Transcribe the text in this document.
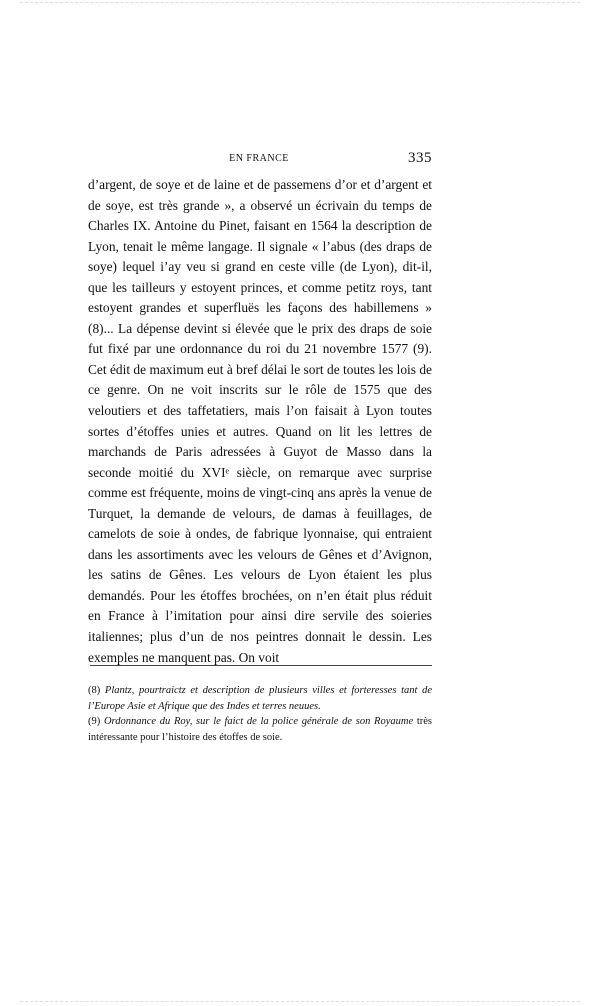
EN FRANCE	335

d’argent, de soye et de laine et de passemens d’or et d’argent et de soye, est très grande », a observé un écrivain du temps de Charles IX. Antoine du Pinet, faisant en 1564 la description de Lyon, tenait le même langage. Il signale « l’abus (des draps de soye) lequel i’ay veu si grand en ceste ville (de Lyon), dit-il, que les tailleurs y estoyent princes, et comme petitz roys, tant estoyent grandes et superfluës les façons des habillemens » (8)... La dépense devint si élevée que le prix des draps de soie fut fixé par une ordonnance du roi du 21 novembre 1577 (9). Cet édit de maximum eut à bref délai le sort de toutes les lois de ce genre. On ne voit inscrits sur le rôle de 1575 que des veloutiers et des taffetatiers, mais l’on faisait à Lyon toutes sortes d’étoffes unies et autres. Quand on lit les lettres de marchands de Paris adressées à Guyot de Masso dans la seconde moitié du XVIᵉ siècle, on remarque avec surprise comme est fréquente, moins de vingt-cinq ans après la venue de Turquet, la demande de velours, de damas à feuillages, de camelots de soie à ondes, de fabrique lyonnaise, qui entraient dans les assortiments avec les velours de Gênes et d’Avignon, les satins de Gênes. Les velours de Lyon étaient les plus demandés. Pour les étoffes brochées, on n’en était plus réduit en France à l’imitation pour ainsi dire servile des soieries italiennes; plus d’un de nos peintres donnait le dessin. Les exemples ne manquent pas. On voit

(8) Plantz, pourtraictz et description de plusieurs villes et forteresses tant de l’Europe Asie et Afrique que des Indes et terres neuues.

(9) Ordonnance du Roy, sur le faict de la police générale de son Royaume très intéressante pour l’histoire des étoffes de soie.
